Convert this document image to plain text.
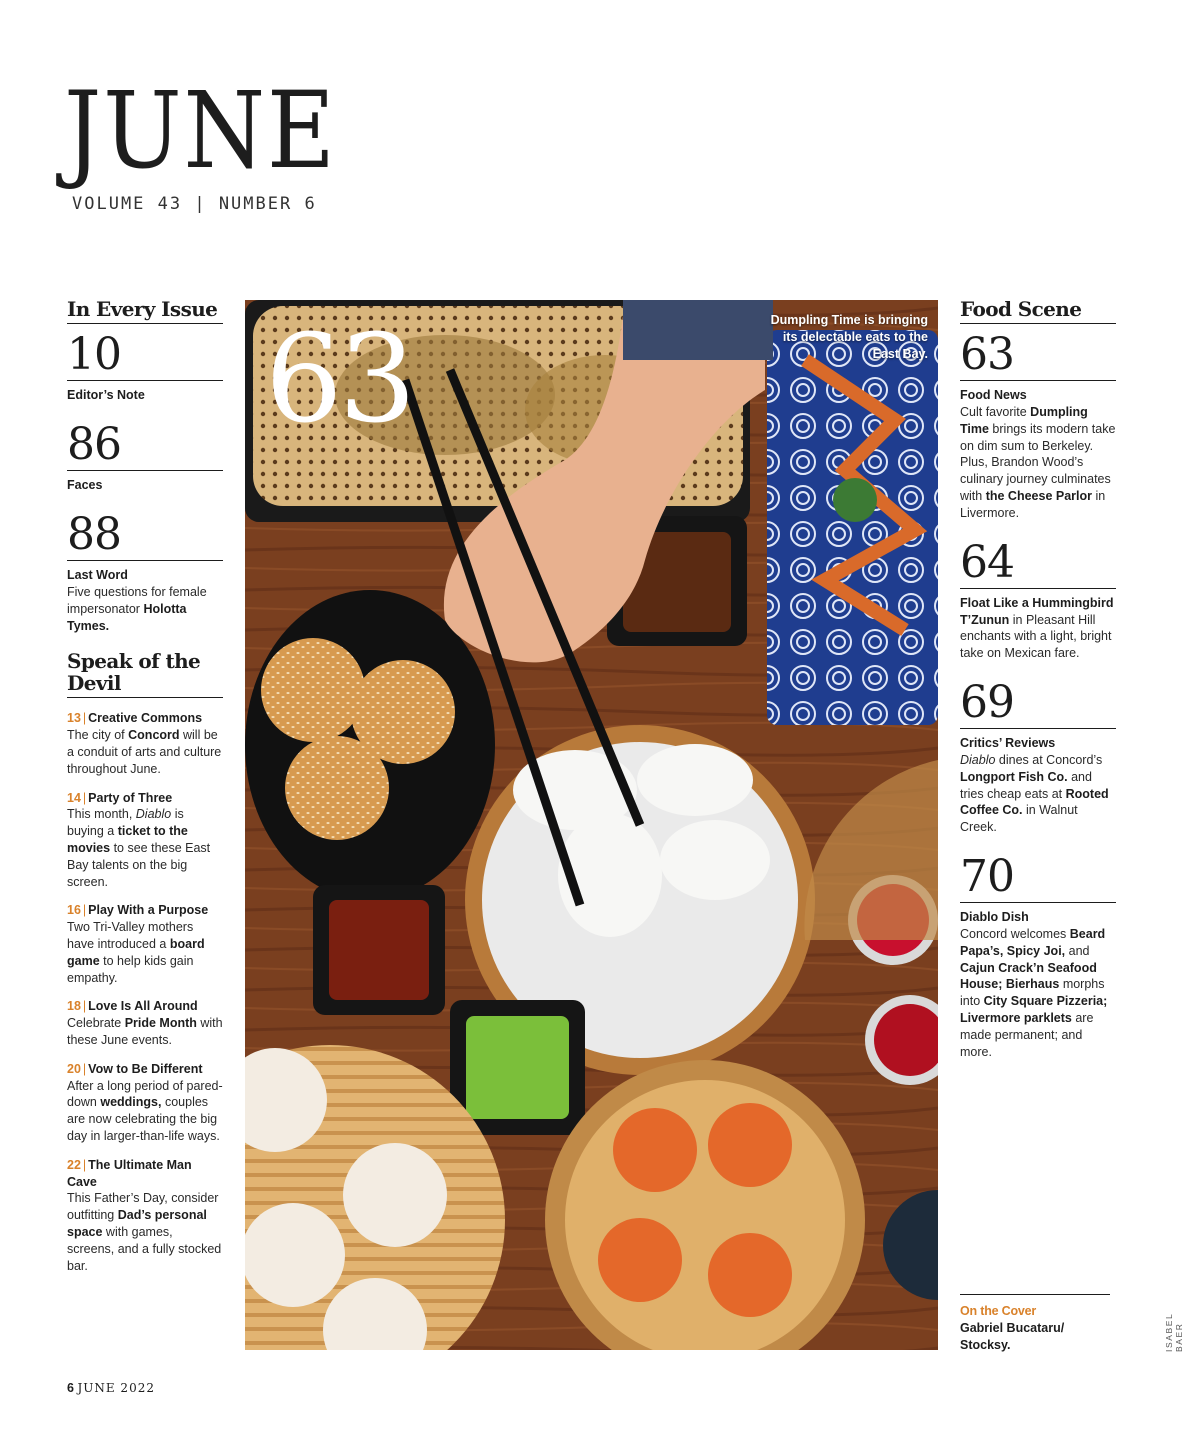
JUNE
VOLUME 43 | NUMBER 6
In Every Issue
10
Editor’s Note
86
Faces
88
Last Word
Five questions for female impersonator Holotta Tymes.
Speak of the Devil
13 | Creative Commons
The city of Concord will be a conduit of arts and culture throughout June.
14 | Party of Three
This month, Diablo is buying a ticket to the movies to see these East Bay talents on the big screen.
16 | Play With a Purpose
Two Tri-Valley mothers have introduced a board game to help kids gain empathy.
18 | Love Is All Around
Celebrate Pride Month with these June events.
20 | Vow to Be Different
After a long period of pared-down weddings, couples are now celebrating the big day in larger-than-life ways.
22 | The Ultimate Man Cave
This Father’s Day, consider outfitting Dad’s personal space with games, screens, and a fully stocked bar.
63	Dumpling Time is bringing its delectable eats to the East Bay.
Food Scene
63
Food News
Cult favorite Dumpling Time brings its modern take on dim sum to Berkeley. Plus, Brandon Wood’s culinary journey culminates with the Cheese Parlor in Livermore.
64
Float Like a Hummingbird
T’Zunun in Pleasant Hill enchants with a light, bright take on Mexican fare.
69
Critics’ Reviews
Diablo dines at Concord’s Longport Fish Co. and tries cheap eats at Rooted Coffee Co. in Walnut Creek.
70
Diablo Dish
Concord welcomes Beard Papa’s, Spicy Joi, and Cajun Crack’n Seafood House; Bierhaus morphs into City Square Pizzeria; Livermore parklets are made permanent; and more.
On the Cover
Gabriel Bucataru/ Stocksy.	ISABEL BAER
6 JUNE 2022
